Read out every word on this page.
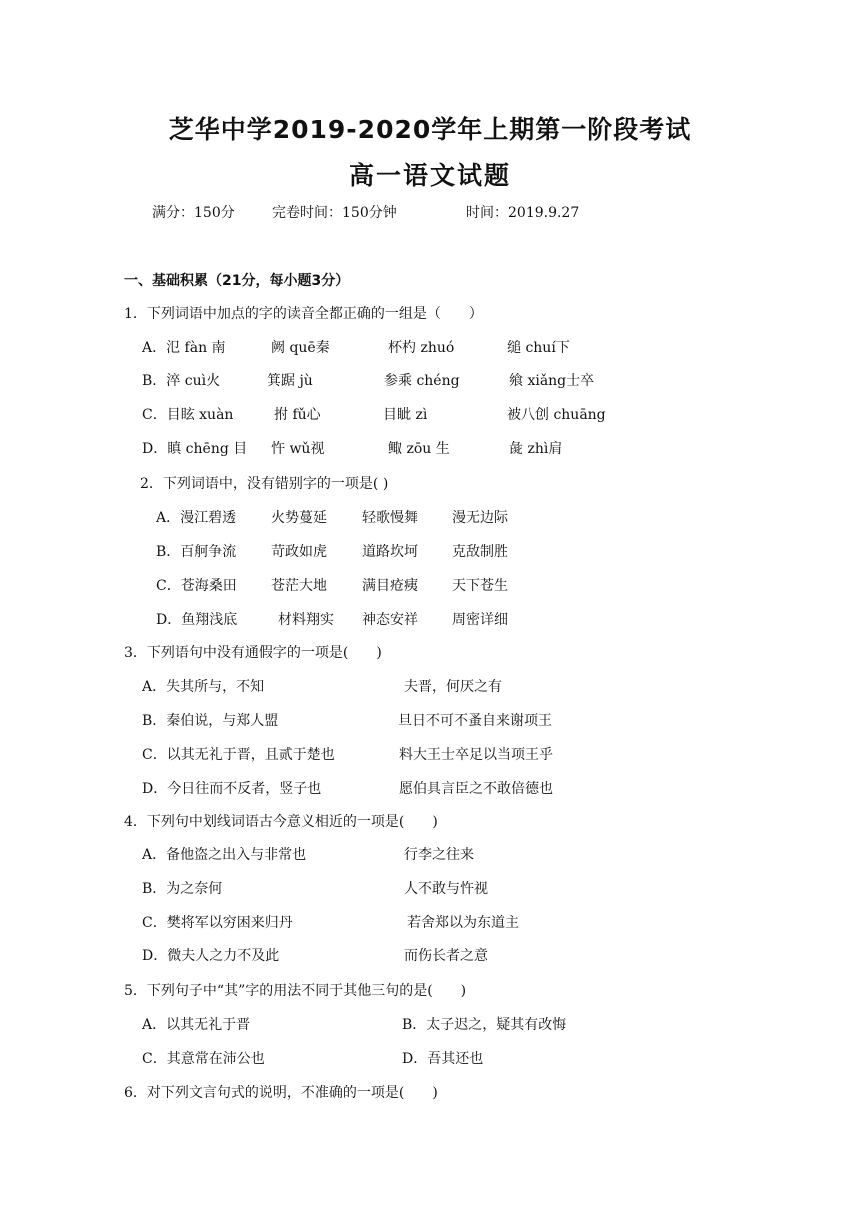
芝华中学2019-2020学年上期第一阶段考试
高一语文试题
满分：150分	完卷时间：150分钟	时间：2019.9.27
一、基础积累（21分，每小题3分）
1．下列词语中加点的字的读音全都正确的一组是（　　）
A．氾 fàn 南	阙 quē秦	杯杓 zhuó	缒 chuí下
B．淬 cuì火	箕踞 jù	参乘 chéng	飨 xiǎng士卒
C．目眩 xuàn	拊 fǔ心	目眦 zì	被八创 chuāng
D．瞋 chēng 目 忤 wǔ视	鲰 zōu 生	彘 zhì肩
2．下列词语中，没有错别字的一项是( )
A．漫江碧透 火势蔓延	轻歌慢舞 漫无边际
B．百舸争流 苛政如虎	道路坎坷 克敌制胜
C．苍海桑田 苍茫大地	满目疮痍 天下苍生
D．鱼翔浅底	材料翔实 神态安祥 周密详细
3．下列语句中没有通假字的一项是(　　)
A．失其所与，不知	夫晋，何厌之有
B．秦伯说，与郑人盟	旦日不可不蚤自来谢项王
C．以其无礼于晋，且贰于楚也	料大王士卒足以当项王乎
D．今日往而不反者，竖子也	愿伯具言臣之不敢倍德也
4．下列句中划线词语古今意义相近的一项是(　　)
A．备他盗之出入与非常也	行李之往来
B．为之奈何	人不敢与忤视
C．樊将军以穷困来归丹	若舍郑以为东道主
D．微夫人之力不及此	而伤长者之意
5．下列句子中“其”字的用法不同于其他三句的是(　　)
A．以其无礼于晋	B．太子迟之，疑其有改悔
C．其意常在沛公也	D．吾其还也
6．对下列文言句式的说明，不准确的一项是(　　)
